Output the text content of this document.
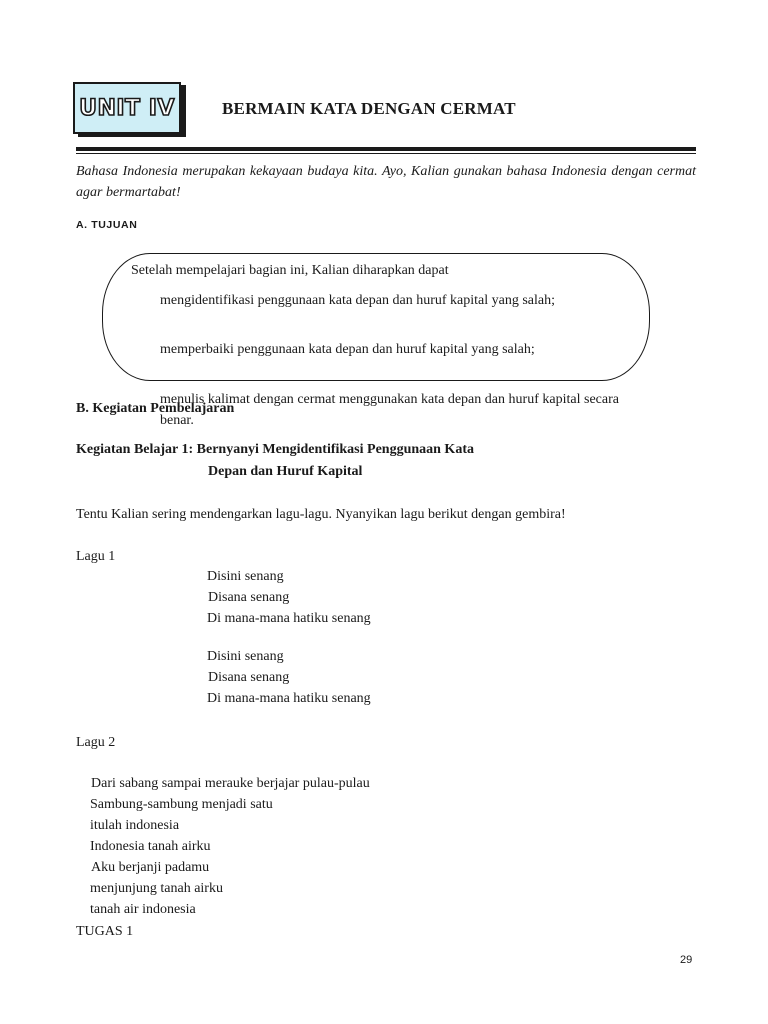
UNIT IV	BERMAIN KATA DENGAN CERMAT
Bahasa Indonesia merupakan kekayaan budaya kita. Ayo, Kalian gunakan bahasa Indonesia dengan cermat agar bermartabat!
A. TUJUAN
Setelah mempelajari bagian ini, Kalian diharapkan dapat
mengidentifikasi penggunaan kata depan dan huruf kapital yang salah;
memperbaiki penggunaan kata depan dan huruf kapital yang salah;
menulis kalimat dengan cermat menggunakan kata depan dan huruf kapital secara benar.
B. Kegiatan Pembelajaran
Kegiatan Belajar 1: Bernyanyi Mengidentifikasi Penggunaan Kata
Depan dan Huruf Kapital
Tentu Kalian sering mendengarkan lagu-lagu. Nyanyikan lagu berikut dengan gembira!
Lagu 1
Disini senang
Disana senang
Di mana-mana hatiku senang
Disini senang
Disana senang
Di mana-mana hatiku senang
Lagu 2
Dari sabang sampai merauke berjajar pulau-pulau
Sambung-sambung menjadi satu
itulah indonesia
Indonesia tanah airku
Aku berjanji padamu
menjunjung tanah airku
tanah air indonesia
TUGAS 1
29
